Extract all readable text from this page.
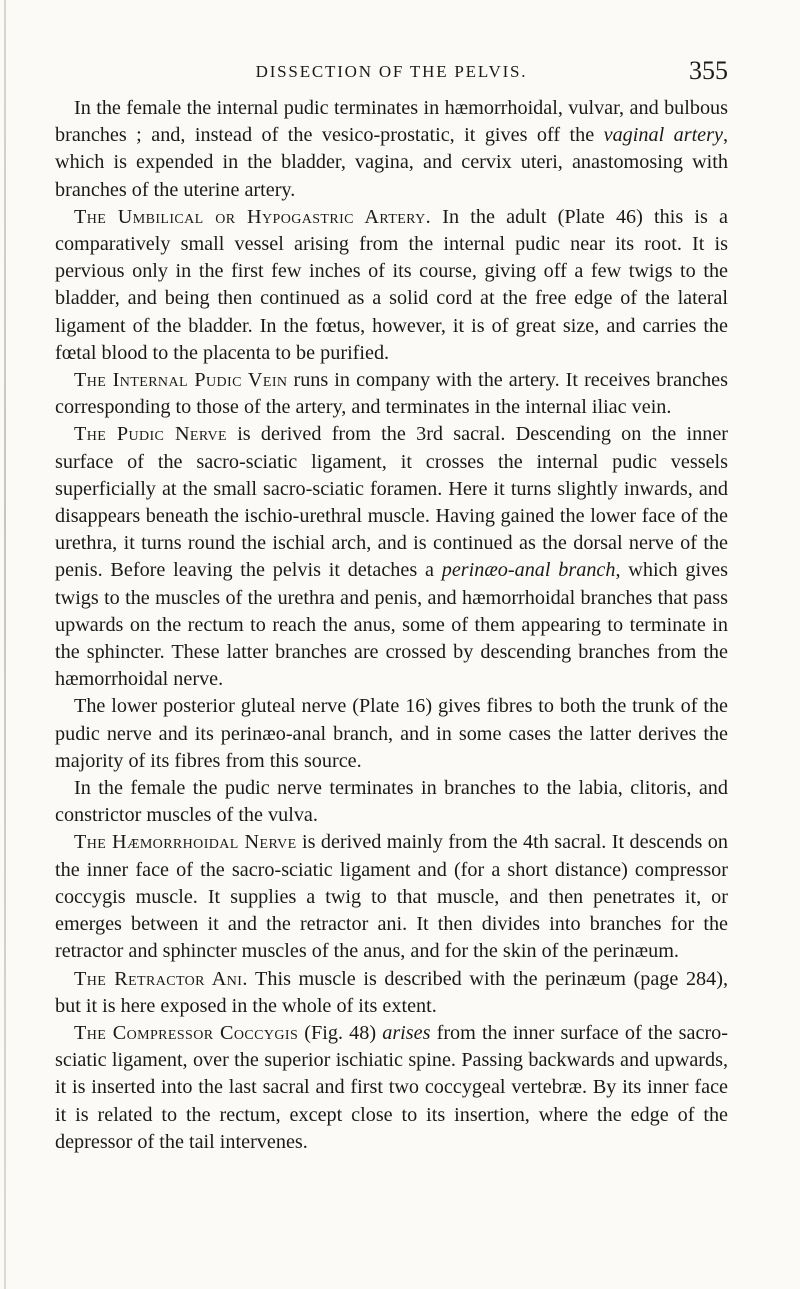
DISSECTION OF THE PELVIS.	355

In the female the internal pudic terminates in hæmorrhoidal, vulvar, and bulbous branches ; and, instead of the vesico-prostatic, it gives off the vaginal artery, which is expended in the bladder, vagina, and cervix uteri, anastomosing with branches of the uterine artery.

The Umbilical or Hypogastric Artery. In the adult (Plate 46) this is a comparatively small vessel arising from the internal pudic near its root. It is pervious only in the first few inches of its course, giving off a few twigs to the bladder, and being then continued as a solid cord at the free edge of the lateral ligament of the bladder. In the fœtus, however, it is of great size, and carries the fœtal blood to the placenta to be purified.

The Internal Pudic Vein runs in company with the artery. It receives branches corresponding to those of the artery, and terminates in the internal iliac vein.

The Pudic Nerve is derived from the 3rd sacral. Descending on the inner surface of the sacro-sciatic ligament, it crosses the internal pudic vessels superficially at the small sacro-sciatic foramen. Here it turns slightly inwards, and disappears beneath the ischio-urethral muscle. Having gained the lower face of the urethra, it turns round the ischial arch, and is continued as the dorsal nerve of the penis. Before leaving the pelvis it detaches a perinæo-anal branch, which gives twigs to the muscles of the urethra and penis, and hæmorrhoidal branches that pass upwards on the rectum to reach the anus, some of them appearing to terminate in the sphincter. These latter branches are crossed by descending branches from the hæmorrhoidal nerve.

The lower posterior gluteal nerve (Plate 16) gives fibres to both the trunk of the pudic nerve and its perinæo-anal branch, and in some cases the latter derives the majority of its fibres from this source.

In the female the pudic nerve terminates in branches to the labia, clitoris, and constrictor muscles of the vulva.

The Hæmorrhoidal Nerve is derived mainly from the 4th sacral. It descends on the inner face of the sacro-sciatic ligament and (for a short distance) compressor coccygis muscle. It supplies a twig to that muscle, and then penetrates it, or emerges between it and the retractor ani. It then divides into branches for the retractor and sphincter muscles of the anus, and for the skin of the perinæum.

The Retractor Ani. This muscle is described with the perinæum (page 284), but it is here exposed in the whole of its extent.

The Compressor Coccygis (Fig. 48) arises from the inner surface of the sacro-sciatic ligament, over the superior ischiatic spine. Passing backwards and upwards, it is inserted into the last sacral and first two coccygeal vertebræ. By its inner face it is related to the rectum, except close to its insertion, where the edge of the depressor of the tail intervenes.
